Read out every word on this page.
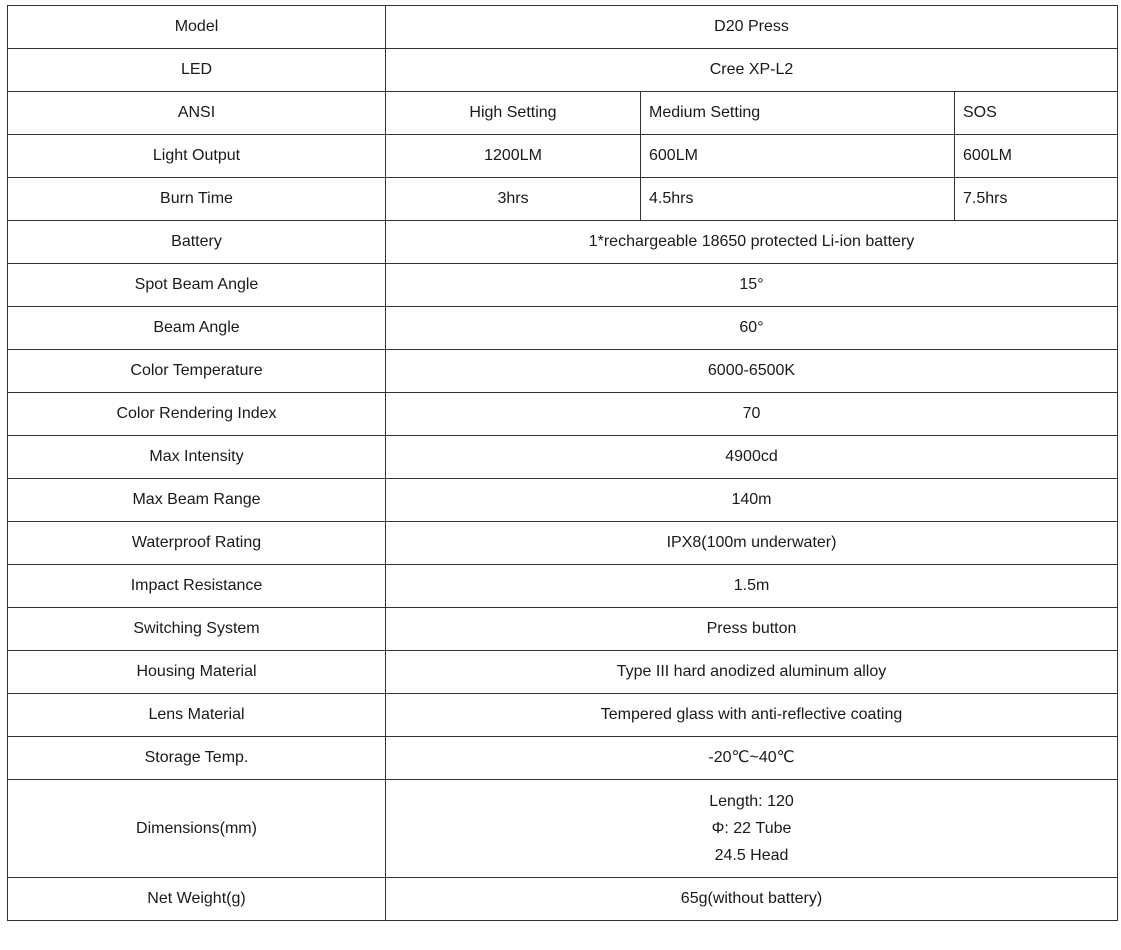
Model	D20 Press		
LED	Cree XP-L2		
ANSI	High Setting	Medium Setting	SOS
Light Output	1200LM	600LM	600LM
Burn Time	3hrs	4.5hrs	7.5hrs
Battery	1*rechargeable 18650 protected Li-ion battery		
Spot Beam Angle	15°		
Beam Angle	60°		
Color Temperature	6000-6500K		
Color Rendering Index	70		
Max Intensity	4900cd		
Max Beam Range	140m		
Waterproof Rating	IPX8(100m underwater)		
Impact Resistance	1.5m		
Switching System	Press button		
Housing Material	Type III hard anodized aluminum alloy		
Lens Material	Tempered glass with anti-reflective coating		
Storage Temp.	-20℃~40℃		
Dimensions(mm)	Length: 120
Φ: 22 Tube
24.5 Head		

Net Weight(g)	65g(without battery)		
